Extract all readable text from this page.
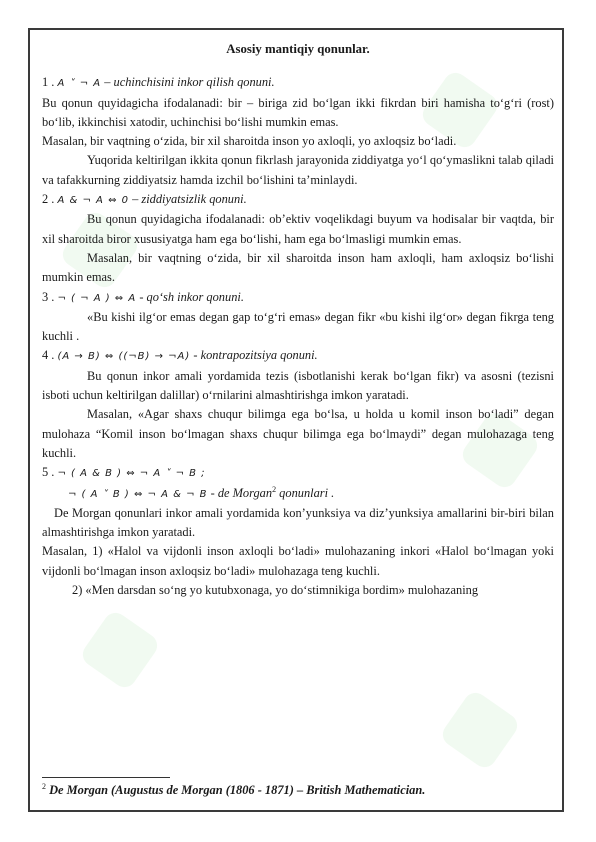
Asosiy mantiqiy qonunlar.

1 . A ˅ ¬ A – uchinchisini inkor qilish qonuni.

Bu qonun quyidagicha ifodalanadi: bir – biriga zid bo‘lgan ikki fikrdan biri hamisha to‘g‘ri (rost) bo‘lib, ikkinchisi xatodir, uchinchisi bo‘lishi mumkin emas.

Masalan, bir vaqtning o‘zida, bir xil sharoitda inson yo axloqli, yo axloqsiz bo‘ladi.

Yuqorida keltirilgan ikkita qonun fikrlash jarayonida ziddiyatga yo‘l qo‘ymaslikni talab qiladi va tafakkurning ziddiyatsiz hamda izchil bo‘lishini ta’minlaydi.

2 . A & ¬ A ⇔ 0 – ziddiyatsizlik qonuni.

Bu qonun quyidagicha ifodalanadi: ob’ektiv voqelikdagi buyum va hodisalar bir vaqtda, bir xil sharoitda biror xususiyatga ham ega bo‘lishi, ham ega bo‘lmasligi mumkin emas.

Masalan, bir vaqtning o‘zida, bir xil sharoitda inson ham axloqli, ham axloqsiz bo‘lishi mumkin emas.

3 . ¬ ( ¬ A ) ⇔ A - qo‘sh inkor qonuni.

«Bu kishi ilg‘or emas degan gap to‘g‘ri emas» degan fikr «bu kishi ilg‘or» degan fikrga teng kuchli .

4 . (A → B) ⇔ ((¬B) → ¬A) - kontrapozitsiya qonuni.

Bu qonun inkor amali yordamida tezis (isbotlanishi kerak bo‘lgan fikr) va asosni (tezisni isboti uchun keltirilgan dalillar) o‘rnilarini almashtirishga imkon yaratadi.

Masalan, «Agar shaxs chuqur bilimga ega bo‘lsa, u holda u komil inson bo‘ladi” degan mulohaza “Komil inson bo‘lmagan shaxs chuqur bilimga ega bo‘lmaydi” degan mulohazaga teng kuchli.

5 . ¬ ( A & B ) ⇔ ¬ A ˅ ¬ B ;

¬ ( A ˅ B ) ⇔ ¬ A & ¬ B - de Morgan$^2$ qonunlari .

De Morgan qonunlari inkor amali yordamida kon’yunksiya va diz’yunksiya amallarini bir-biri bilan almashtirishga imkon yaratadi.

Masalan, 1) «Halol va vijdonli inson axloqli bo‘ladi» mulohazaning inkori «Halol bo‘lmagan yoki vijdonli bo‘lmagan inson axloqsiz bo‘ladi» mulohazaga teng kuchli.

2) «Men darsdan so‘ng yo kutubxonaga, yo do‘stimnikiga bordim» mulohazaning

$^2$ De Morgan (Augustus de Morgan (1806 - 1871) – British Mathematician.
